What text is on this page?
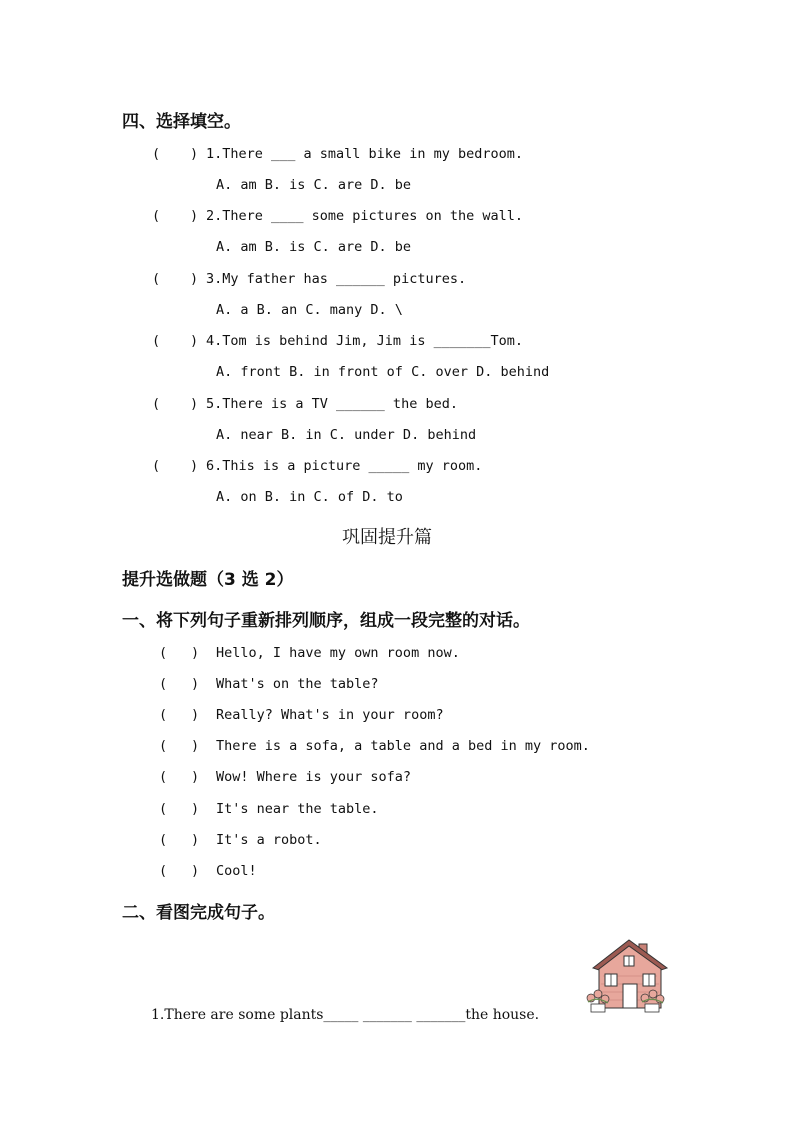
四、选择填空。
( ) 1.There ___ a small bike in my bedroom.
A. am B. is C. are D. be
( ) 2.There ____ some pictures on the wall.
A. am B. is C. are D. be
( ) 3.My father has ______ pictures.
A. a B. an C. many D. \
( ) 4.Tom is behind Jim, Jim is _______Tom.
A. front B. in front of C. over D. behind
( ) 5.There is a TV ______ the bed.
A. near B. in C. under D. behind
( ) 6.This is a picture _____ my room.
A. on B. in C. of D. to
巩固提升篇
提升选做题（3 选 2）
一、将下列句子重新排列顺序，组成一段完整的对话。
( ) Hello, I have my own room now.
( ) What's on the table?
( ) Really? What's in your room?
( ) There is a sofa, a table and a bed in my room.
( ) Wow! Where is your sofa?
( ) It's near the table.
( ) It's a robot.
( ) Cool!
二、看图完成句子。
1.There are some plants_____ _______ _______the house.
